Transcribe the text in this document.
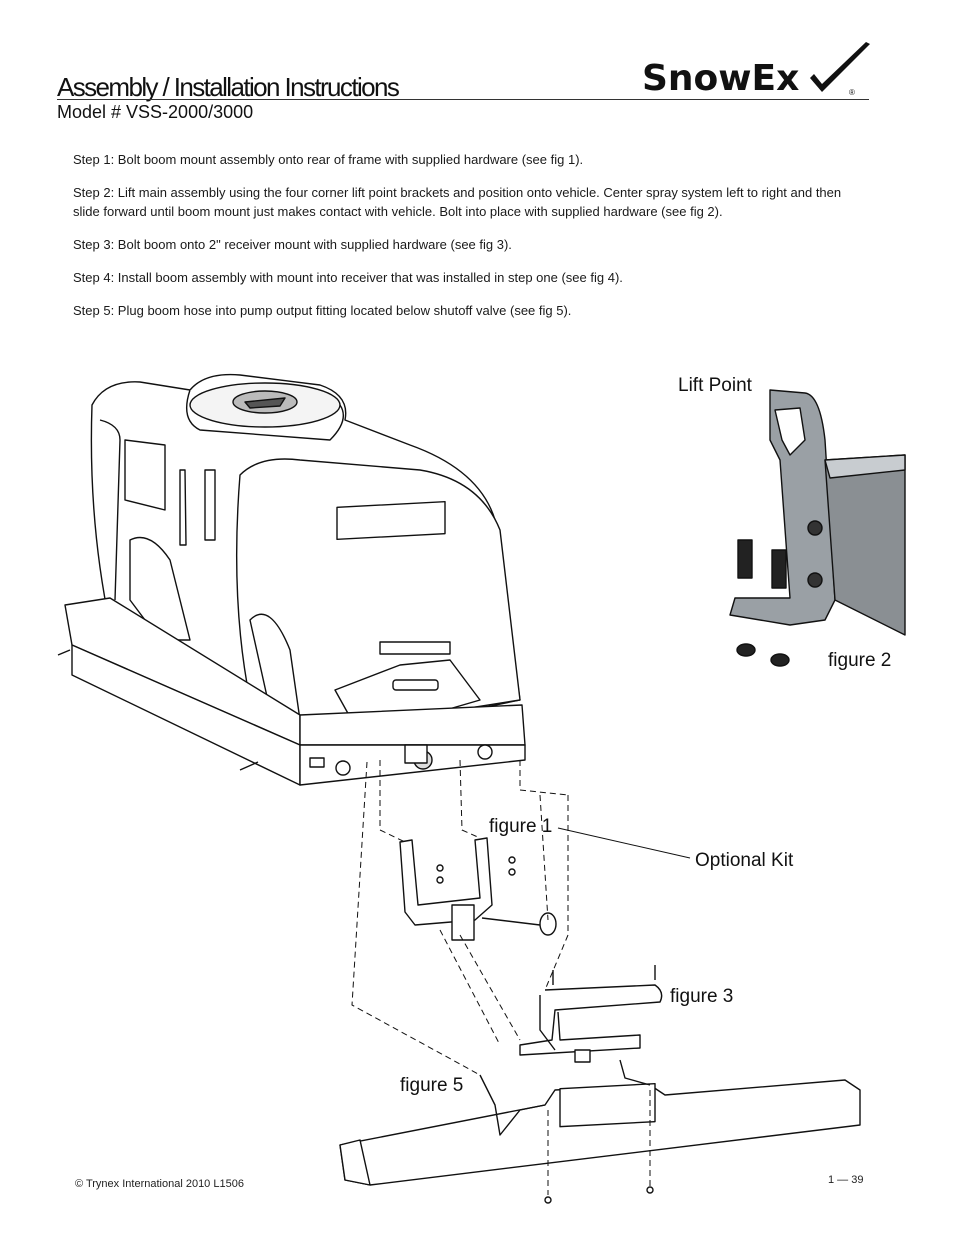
Assembly / Installation Instructions
Model # VSS-2000/3000
SnowEx	®
Step 1: Bolt boom mount assembly onto rear of frame with supplied hardware (see fig 1).
Step 2: Lift main assembly using the four corner lift point brackets and position onto vehicle. Center spray system left to right and then slide forward until boom mount just makes contact with vehicle. Bolt into place with supplied hardware (see fig 2).
Step 3: Bolt boom onto 2" receiver mount with supplied hardware (see fig 3).
Step 4: Install boom assembly with mount into receiver that was installed in step one (see fig 4).
Step 5: Plug boom hose into pump output fitting located below shutoff valve (see fig 5).
Lift Point
figure 2
figure 1
Optional Kit
figure 3
figure 5
© Trynex International 2010 L1506	1 — 39
